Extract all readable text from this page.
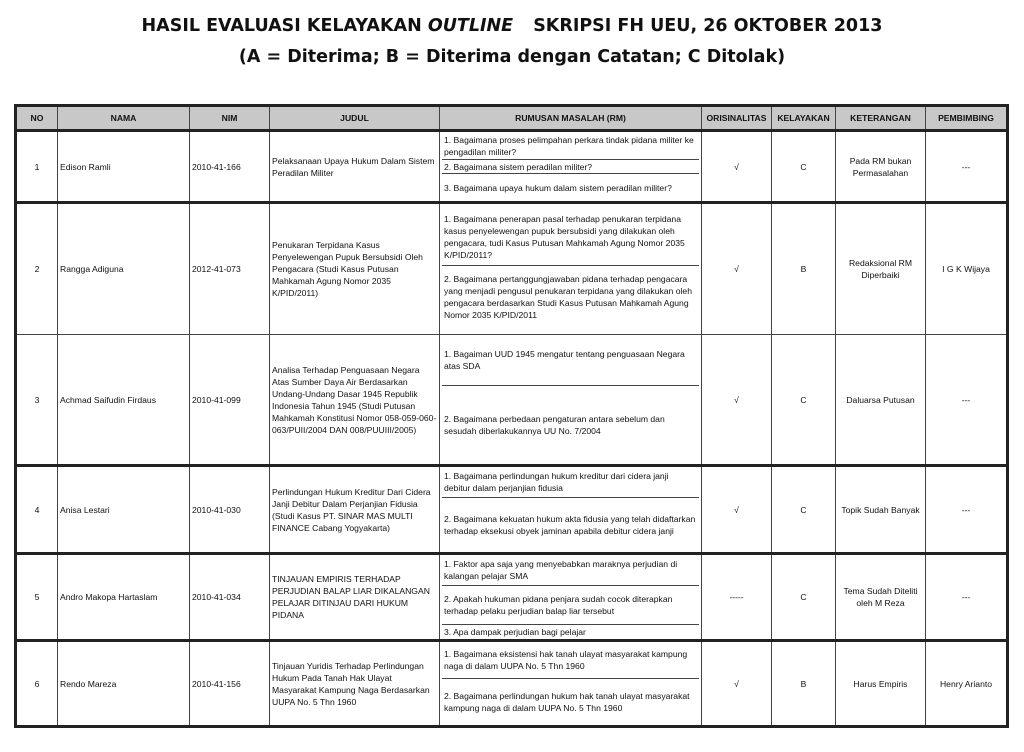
HASIL EVALUASI KELAYAKAN OUTLINE SKRIPSI FH UEU, 26 OKTOBER 2013
(A = Diterima; B = Diterima dengan Catatan; C Ditolak)
NO	NAMA	NIM	JUDUL	RUMUSAN MASALAH (RM)	ORISINALITAS	KELAYAKAN	KETERANGAN	PEMBIMBING
1	Edison Ramli	2010-41-166	Pelaksanaan Upaya Hukum Dalam Sistem Peradilan Militer	1. Bagaimana proses pelimpahan perkara tindak pidana militer ke pengadilan militer?
2. Bagaimana sistem peradilan militer?
3. Bagaimana upaya hukum dalam sistem peradilan militer?	√	C	Pada RM bukan Permasalahan	---
2	Rangga Adiguna	2012-41-073	Penukaran Terpidana Kasus Penyelewengan Pupuk Bersubsidi Oleh Pengacara (Studi Kasus Putusan Mahkamah Agung Nomor 2035 K/PID/2011)	1. Bagaimana penerapan pasal terhadap penukaran terpidana kasus penyelewengan pupuk bersubsidi yang dilakukan oleh pengacara, tudi Kasus Putusan Mahkamah Agung Nomor 2035 K/PID/2011?
2. Bagaimana pertanggungjawaban pidana terhadap pengacara yang menjadi pengusul penukaran terpidana yang dilakukan oleh pengacara berdasarkan Studi Kasus Putusan Mahkamah Agung Nomor 2035 K/PID/2011	√	B	Redaksional RM Diperbaiki	I G K Wijaya
3	Achmad Saifudin Firdaus	2010-41-099	Analisa Terhadap Penguasaan Negara Atas Sumber Daya Air Berdasarkan Undang-Undang Dasar 1945 Republik Indonesia Tahun 1945 (Studi Putusan Mahkamah Konstitusi Nomor 058-059-060-063/PUII/2004 DAN 008/PUUIII/2005)	1. Bagaiman UUD 1945 mengatur tentang penguasaan Negara atas SDA
2. Bagaimana perbedaan pengaturan antara sebelum dan sesudah diberlakukannya UU No. 7/2004	√	C	Daluarsa Putusan	---
4	Anisa Lestari	2010-41-030	Perlindungan Hukum Kreditur Dari Cidera Janji Debitur Dalam Perjanjian Fidusia (Studi Kasus PT. SINAR MAS MULTI FINANCE Cabang Yogyakarta)	1. Bagaimana perlindungan hukum kreditur dari cidera janji debitur dalam perjanjian fidusia
2. Bagaimana kekuatan hukum akta fidusia yang telah didaftarkan terhadap eksekusi obyek jaminan apabila debitur cidera janji	√	C	Topik Sudah Banyak	---
5	Andro Makopa Hartaslam	2010-41-034	TINJAUAN EMPIRIS TERHADAP PERJUDIAN BALAP LIAR DIKALANGAN PELAJAR DITINJAU DARI HUKUM PIDANA	1. Faktor apa saja yang menyebabkan maraknya perjudian di kalangan pelajar SMA
2. Apakah hukuman pidana penjara sudah cocok diterapkan terhadap pelaku perjudian balap liar tersebut
3. Apa dampak perjudian bagi pelajar	-----	C	Tema Sudah Diteliti oleh M Reza	---
6	Rendo Mareza	2010-41-156	Tinjauan Yuridis Terhadap Perlindungan Hukum Pada Tanah Hak Ulayat Masyarakat Kampung Naga Berdasarkan UUPA No. 5 Thn 1960	1. Bagaimana eksistensi hak tanah ulayat masyarakat kampung naga di dalam UUPA No. 5 Thn 1960
2. Bagaimana perlindungan hukum hak tanah ulayat masyarakat kampung naga di dalam UUPA No. 5 Thn 1960	√	B	Harus Empiris	Henry Arianto
